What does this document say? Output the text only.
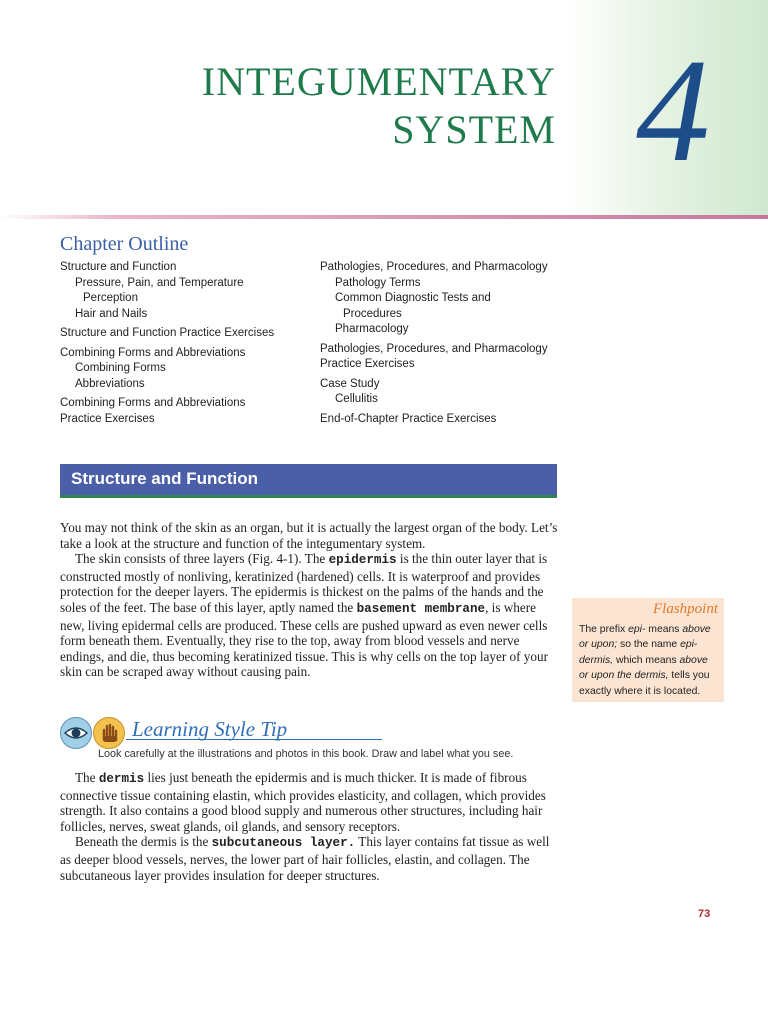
INTEGUMENTARY
SYSTEM 4
Chapter Outline
Structure and Function
Pressure, Pain, and Temperature
Perception
Hair and Nails
Structure and Function Practice Exercises
Combining Forms and Abbreviations
Combining Forms
Abbreviations
Combining Forms and Abbreviations
Practice Exercises
Pathologies, Procedures, and Pharmacology
Pathology Terms
Common Diagnostic Tests and
Procedures
Pharmacology
Pathologies, Procedures, and Pharmacology
Practice Exercises
Case Study
Cellulitis
End-of-Chapter Practice Exercises
Structure and Function

You may not think of the skin as an organ, but it is actually the largest organ of the body. Let’s take a look at the structure and function of the integumentary system.

The skin consists of three layers (Fig. 4-1). The epidermis is the thin outer layer that is constructed mostly of nonliving, keratinized (hardened) cells. It is waterproof and provides protection for the deeper layers. The epidermis is thickest on the palms of the hands and the soles of the feet. The base of this layer, aptly named the basement membrane, is where new, living epidermal cells are produced. These cells are pushed upward as even newer cells form beneath them. Eventually, they rise to the top, away from blood vessels and nerve endings, and die, thus becoming keratinized tissue. This is why cells on the top layer of your skin can be scraped away without causing pain.

Flashpoint
The prefix epi- means above or upon; so the name epi- dermis, which means above or upon the dermis, tells you exactly where it is located.
Learning Style Tip
Look carefully at the illustrations and photos in this book. Draw and label what you see.

The dermis lies just beneath the epidermis and is much thicker. It is made of fibrous connective tissue containing elastin, which provides elasticity, and collagen, which provides strength. It also contains a good blood supply and numerous other structures, including hair follicles, nerves, sweat glands, oil glands, and sensory receptors.

Beneath the dermis is the subcutaneous layer. This layer contains fat tissue as well as deeper blood vessels, nerves, the lower part of hair follicles, elastin, and collagen. The subcutaneous layer provides insulation for deeper structures.

73
